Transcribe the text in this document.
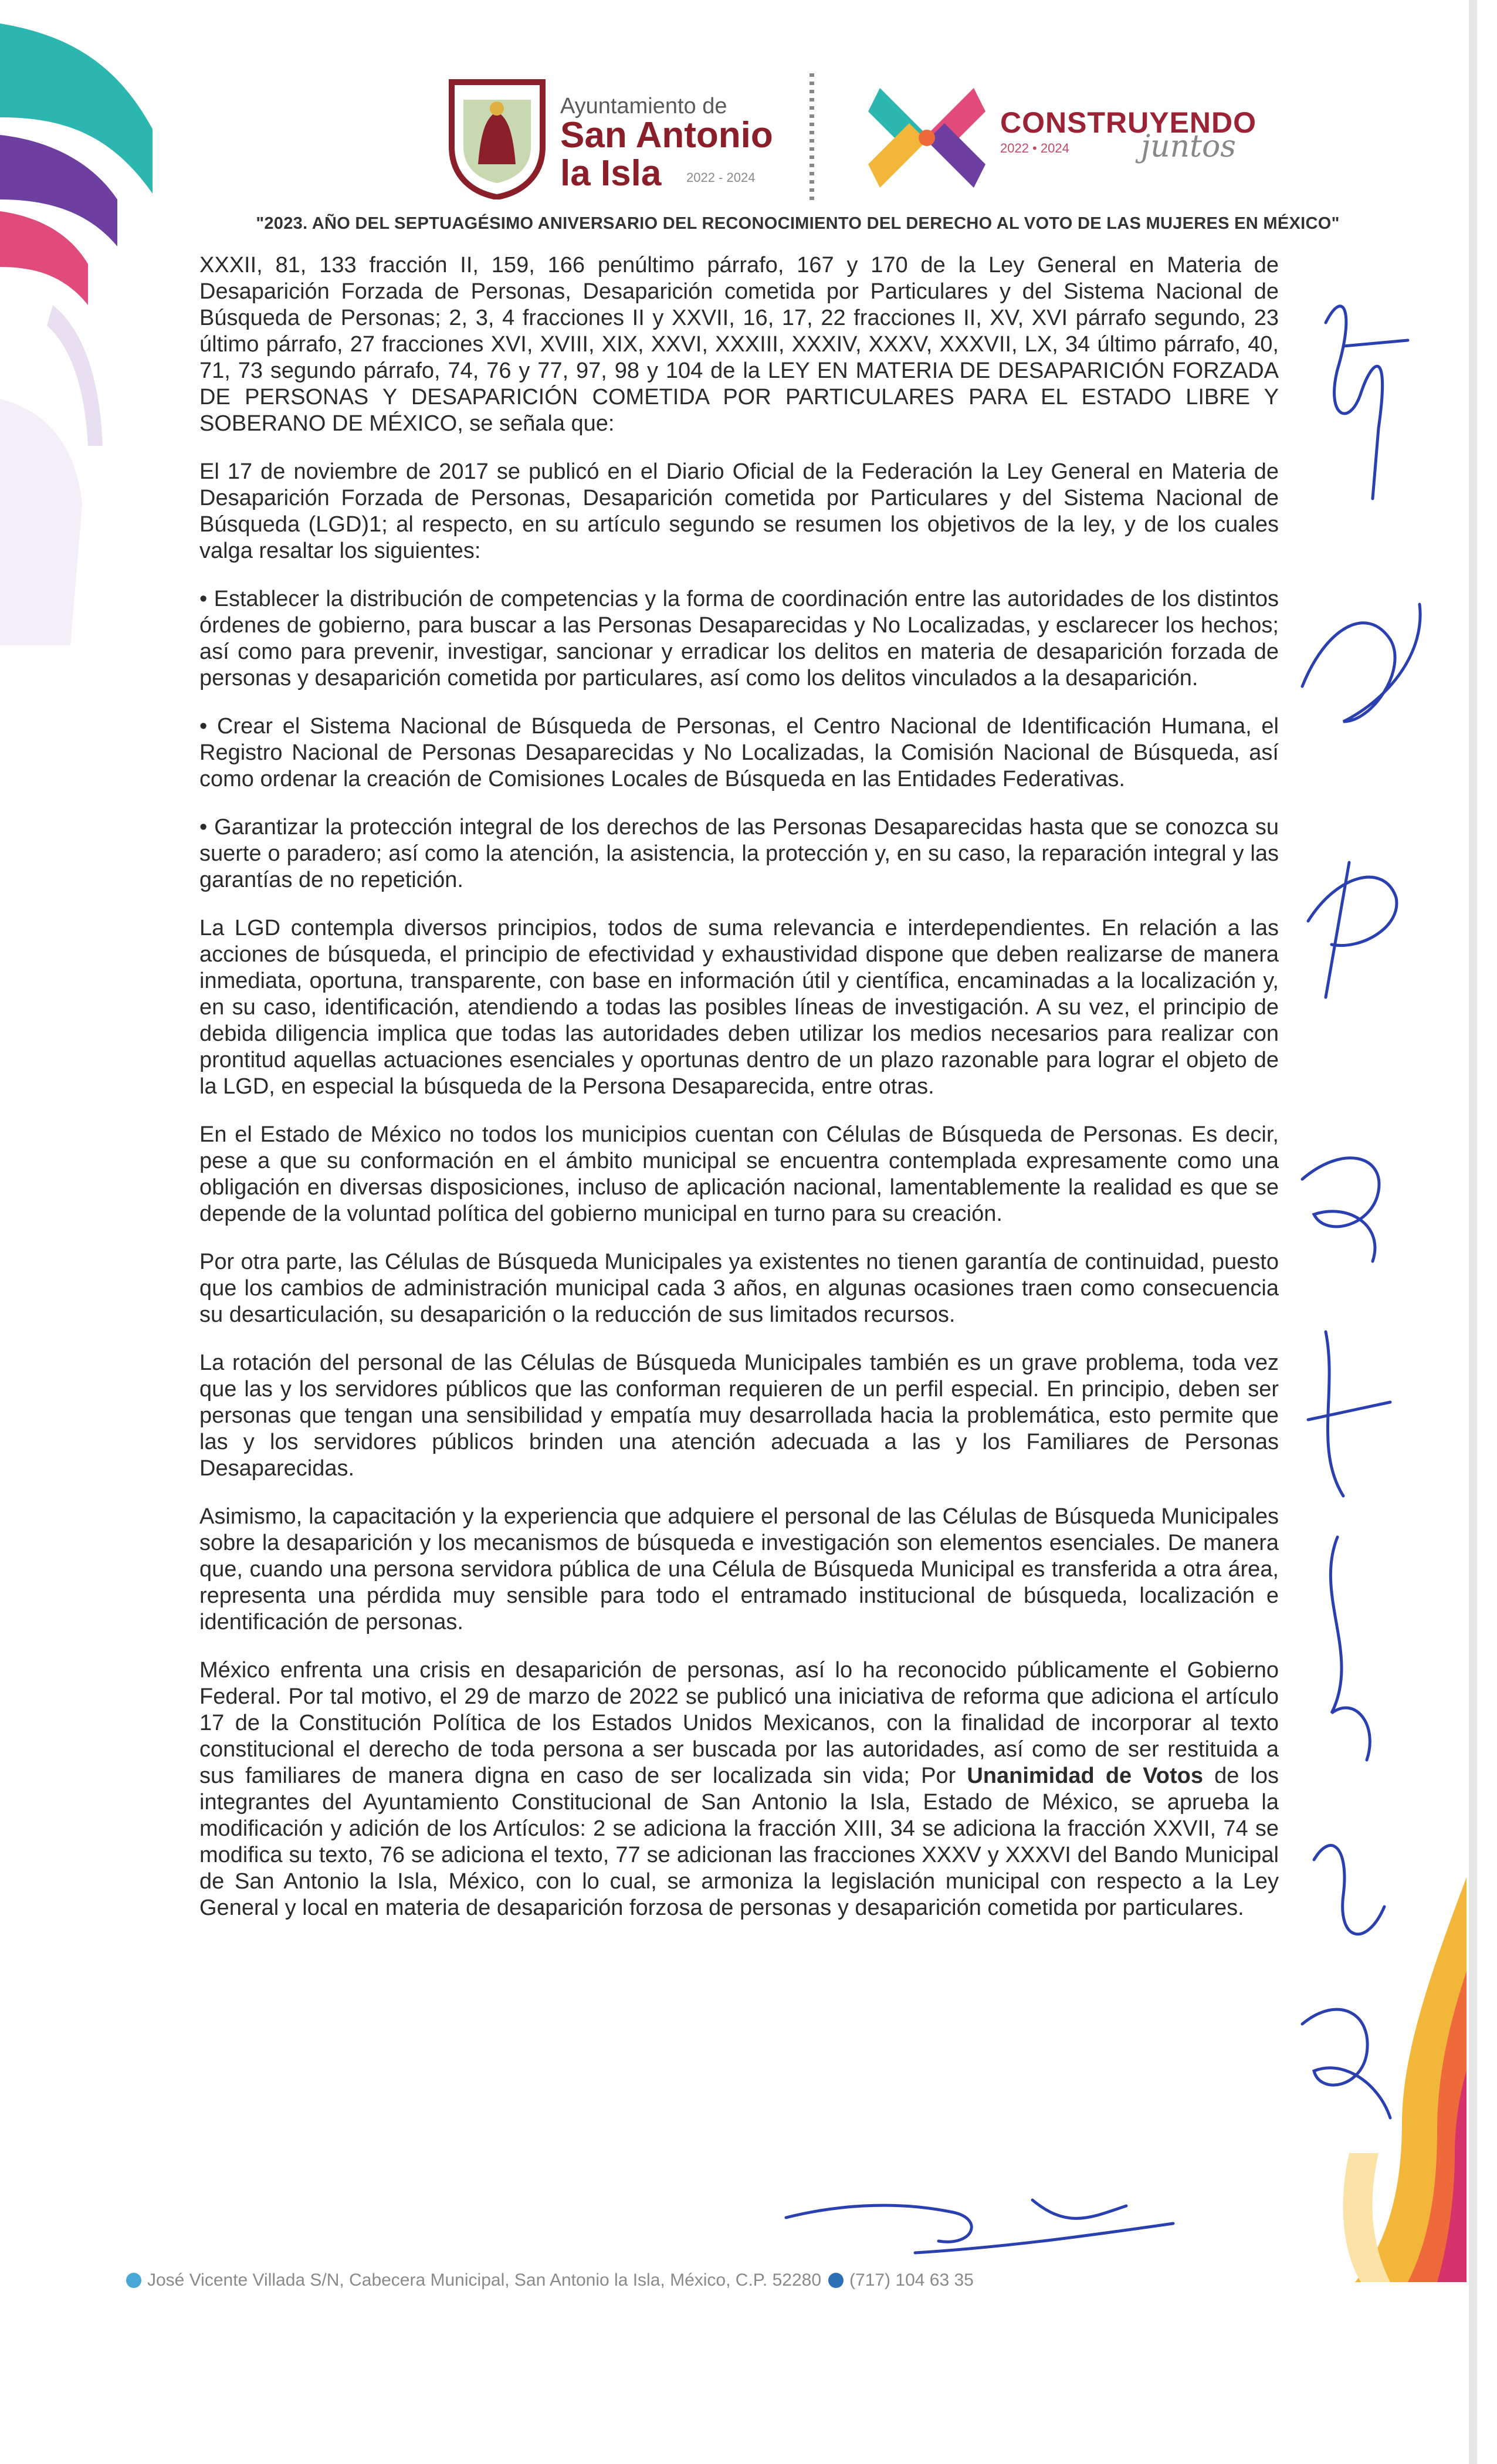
Ayuntamiento de
San Antonio
la Isla 2022 - 2024
CONSTRUYENDO
2022 • 2024 juntos
"2023. AÑO DEL SEPTUAGÉSIMO ANIVERSARIO DEL RECONOCIMIENTO DEL DERECHO AL VOTO DE LAS MUJERES EN MÉXICO"

XXXII, 81, 133 fracción II, 159, 166 penúltimo párrafo, 167 y 170 de la Ley General en Materia de Desaparición Forzada de Personas, Desaparición cometida por Particulares y del Sistema Nacional de Búsqueda de Personas; 2, 3, 4 fracciones II y XXVII, 16, 17, 22 fracciones II, XV, XVI párrafo segundo, 23 último párrafo, 27 fracciones XVI, XVIII, XIX, XXVI, XXXIII, XXXIV, XXXV, XXXVII, LX, 34 último párrafo, 40, 71, 73 segundo párrafo, 74, 76 y 77, 97, 98 y 104 de la LEY EN MATERIA DE DESAPARICIÓN FORZADA DE PERSONAS Y DESAPARICIÓN COMETIDA POR PARTICULARES PARA EL ESTADO LIBRE Y SOBERANO DE MÉXICO, se señala que:

El 17 de noviembre de 2017 se publicó en el Diario Oficial de la Federación la Ley General en Materia de Desaparición Forzada de Personas, Desaparición cometida por Particulares y del Sistema Nacional de Búsqueda (LGD)1; al respecto, en su artículo segundo se resumen los objetivos de la ley, y de los cuales valga resaltar los siguientes:

• Establecer la distribución de competencias y la forma de coordinación entre las autoridades de los distintos órdenes de gobierno, para buscar a las Personas Desaparecidas y No Localizadas, y esclarecer los hechos; así como para prevenir, investigar, sancionar y erradicar los delitos en materia de desaparición forzada de personas y desaparición cometida por particulares, así como los delitos vinculados a la desaparición.

• Crear el Sistema Nacional de Búsqueda de Personas, el Centro Nacional de Identificación Humana, el Registro Nacional de Personas Desaparecidas y No Localizadas, la Comisión Nacional de Búsqueda, así como ordenar la creación de Comisiones Locales de Búsqueda en las Entidades Federativas.

• Garantizar la protección integral de los derechos de las Personas Desaparecidas hasta que se conozca su suerte o paradero; así como la atención, la asistencia, la protección y, en su caso, la reparación integral y las garantías de no repetición.

La LGD contempla diversos principios, todos de suma relevancia e interdependientes. En relación a las acciones de búsqueda, el principio de efectividad y exhaustividad dispone que deben realizarse de manera inmediata, oportuna, transparente, con base en información útil y científica, encaminadas a la localización y, en su caso, identificación, atendiendo a todas las posibles líneas de investigación. A su vez, el principio de debida diligencia implica que todas las autoridades deben utilizar los medios necesarios para realizar con prontitud aquellas actuaciones esenciales y oportunas dentro de un plazo razonable para lograr el objeto de la LGD, en especial la búsqueda de la Persona Desaparecida, entre otras.

En el Estado de México no todos los municipios cuentan con Células de Búsqueda de Personas. Es decir, pese a que su conformación en el ámbito municipal se encuentra contemplada expresamente como una obligación en diversas disposiciones, incluso de aplicación nacional, lamentablemente la realidad es que se depende de la voluntad política del gobierno municipal en turno para su creación.

Por otra parte, las Células de Búsqueda Municipales ya existentes no tienen garantía de continuidad, puesto que los cambios de administración municipal cada 3 años, en algunas ocasiones traen como consecuencia su desarticulación, su desaparición o la reducción de sus limitados recursos.

La rotación del personal de las Células de Búsqueda Municipales también es un grave problema, toda vez que las y los servidores públicos que las conforman requieren de un perfil especial. En principio, deben ser personas que tengan una sensibilidad y empatía muy desarrollada hacia la problemática, esto permite que las y los servidores públicos brinden una atención adecuada a las y los Familiares de Personas Desaparecidas.

Asimismo, la capacitación y la experiencia que adquiere el personal de las Células de Búsqueda Municipales sobre la desaparición y los mecanismos de búsqueda e investigación son elementos esenciales. De manera que, cuando una persona servidora pública de una Célula de Búsqueda Municipal es transferida a otra área, representa una pérdida muy sensible para todo el entramado institucional de búsqueda, localización e identificación de personas.

México enfrenta una crisis en desaparición de personas, así lo ha reconocido públicamente el Gobierno Federal. Por tal motivo, el 29 de marzo de 2022 se publicó una iniciativa de reforma que adiciona el artículo 17 de la Constitución Política de los Estados Unidos Mexicanos, con la finalidad de incorporar al texto constitucional el derecho de toda persona a ser buscada por las autoridades, así como de ser restituida a sus familiares de manera digna en caso de ser localizada sin vida; Por Unanimidad de Votos de los integrantes del Ayuntamiento Constitucional de San Antonio la Isla, Estado de México, se aprueba la modificación y adición de los Artículos: 2 se adiciona la fracción XIII, 34 se adiciona la fracción XXVII, 74 se modifica su texto, 76 se adiciona el texto, 77 se adicionan las fracciones XXXV y XXXVI del Bando Municipal de San Antonio la Isla, México, con lo cual, se armoniza la legislación municipal con respecto a la Ley General y local en materia de desaparición forzosa de personas y desaparición cometida por particulares.

José Vicente Villada S/N, Cabecera Municipal, San Antonio la Isla, México, C.P. 52280 (717) 104 63 35
